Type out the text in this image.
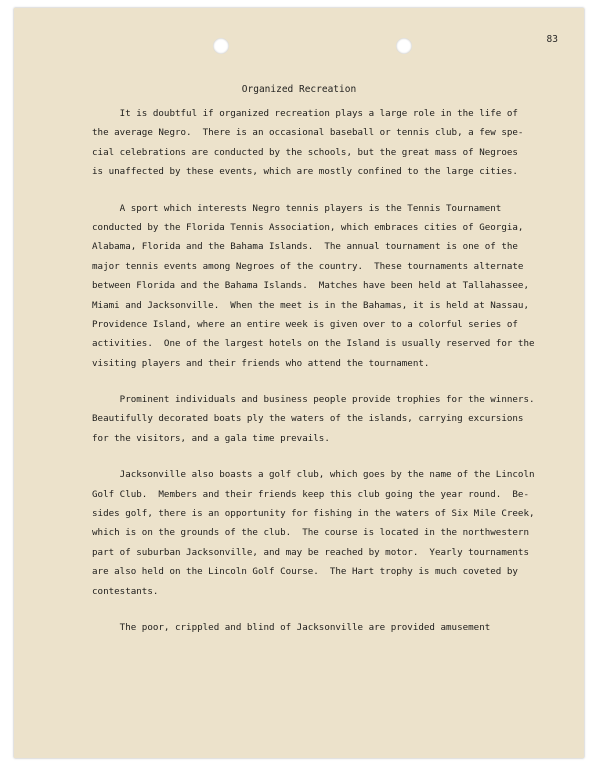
83
Organized Recreation
It is doubtful if organized recreation plays a large role in the life of
the average Negro.  There is an occasional baseball or tennis club, a few spe-
cial celebrations are conducted by the schools, but the great mass of Negroes
is unaffected by these events, which are mostly confined to the large cities.
A sport which interests Negro tennis players is the Tennis Tournament
conducted by the Florida Tennis Association, which embraces cities of Georgia,
Alabama, Florida and the Bahama Islands.  The annual tournament is one of the
major tennis events among Negroes of the country.  These tournaments alternate
between Florida and the Bahama Islands.  Matches have been held at Tallahassee,
Miami and Jacksonville.  When the meet is in the Bahamas, it is held at Nassau,
Providence Island, where an entire week is given over to a colorful series of
activities.  One of the largest hotels on the Island is usually reserved for the
visiting players and their friends who attend the tournament.
Prominent individuals and business people provide trophies for the winners.
Beautifully decorated boats ply the waters of the islands, carrying excursions
for the visitors, and a gala time prevails.
Jacksonville also boasts a golf club, which goes by the name of the Lincoln
Golf Club.  Members and their friends keep this club going the year round.  Be-
sides golf, there is an opportunity for fishing in the waters of Six Mile Creek,
which is on the grounds of the club.  The course is located in the northwestern
part of suburban Jacksonville, and may be reached by motor.  Yearly tournaments
are also held on the Lincoln Golf Course.  The Hart trophy is much coveted by
contestants.
The poor, crippled and blind of Jacksonville are provided amusement
